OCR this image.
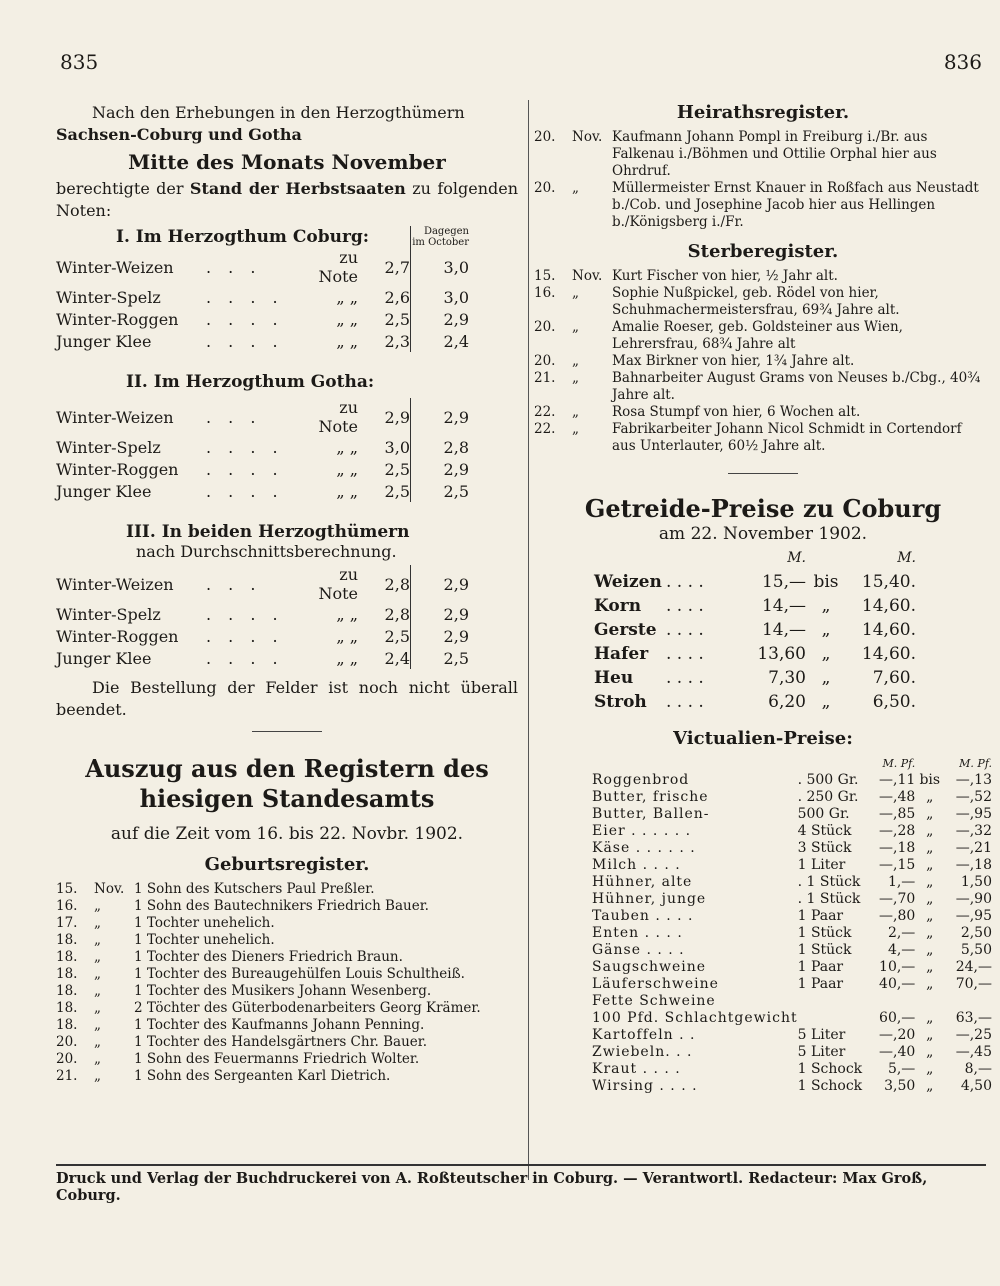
835	836

Nach den Erhebungen in den Herzogthümern

Sachsen-Coburg und Gotha

Mitte des Monats November

berechtigte der Stand der Herbstsaaten zu folgenden Noten:

I. Im Herzogthum Coburg:				Dagegen im October
Winter-Weizen	. . .	zu Note	2,7	3,0
Winter-Spelz	. . . .	„ „	2,6	3,0
Winter-Roggen	. . . .	„ „	2,5	2,9
Junger Klee	. . . .	„ „	2,3	2,4
II. Im Herzogthum Gotha:
Winter-Weizen	. . .	zu Note	2,9	2,9
Winter-Spelz	. . . .	„ „	3,0	2,8
Winter-Roggen	. . . .	„ „	2,5	2,9
Junger Klee	. . . .	„ „	2,5	2,5
III. In beiden Herzogthümern
nach Durchschnittsberechnung.
Winter-Weizen	. . .	zu Note	2,8	2,9
Winter-Spelz	. . . .	„ „	2,8	2,9
Winter-Roggen	. . . .	„ „	2,5	2,9
Junger Klee	. . . .	„ „	2,4	2,5

Die Bestellung der Felder ist noch nicht überall beendet.

Auszug aus den Registern des hiesigen Standesamts

auf die Zeit vom 16. bis 22. Novbr. 1902.

Geburtsregister.
15.	Nov.	1 Sohn des Kutschers Paul Preßler.
16.	„	1 Sohn des Bautechnikers Friedrich Bauer.
17.	„	1 Tochter unehelich.
18.	„	1 Tochter unehelich.
18.	„	1 Tochter des Dieners Friedrich Braun.
18.	„	1 Tochter des Bureaugehülfen Louis Schultheiß.
18.	„	1 Tochter des Musikers Johann Wesenberg.
18.	„	2 Töchter des Güterbodenarbeiters Georg Krämer.
18.	„	1 Tochter des Kaufmanns Johann Penning.
20.	„	1 Tochter des Handelsgärtners Chr. Bauer.
20.	„	1 Sohn des Feuermanns Friedrich Wolter.
21.	„	1 Sohn des Sergeanten Karl Dietrich.
Heirathsregister.
20.	Nov.	Kaufmann Johann Pompl in Freiburg i./Br. aus Falkenau i./Böhmen und Ottilie Orphal hier aus Ohrdruf.
20.	„	Müllermeister Ernst Knauer in Roßfach aus Neustadt b./Cob. und Josephine Jacob hier aus Hellingen b./Königsberg i./Fr.
Sterberegister.
15.	Nov.	Kurt Fischer von hier, ½ Jahr alt.
16.	„	Sophie Nußpickel, geb. Rödel von hier, Schuhmachermeistersfrau, 69¾ Jahre alt.
20.	„	Amalie Roeser, geb. Goldsteiner aus Wien, Lehrersfrau, 68¾ Jahre alt
20.	„	Max Birkner von hier, 1¾ Jahre alt.
21.	„	Bahnarbeiter August Grams von Neuses b./Cbg., 40¾ Jahre alt.
22.	„	Rosa Stumpf von hier, 6 Wochen alt.
22.	„	Fabrikarbeiter Johann Nicol Schmidt in Cortendorf aus Unterlauter, 60½ Jahre alt.
Getreide-Preise zu Coburg

am 22. November 1902.

		M.		M.
Weizen	. . . .	15,—	bis	15,40.
Korn	. . . .	14,—	„	14,60.
Gerste	. . . .	14,—	„	14,60.
Hafer	. . . .	13,60	„	14,60.
Heu	. . . .	7,30	„	7,60.
Stroh	. . . .	6,20	„	6,50.
Victualien-Preise:
		M. Pf.		M. Pf.
Roggenbrod	. 500 Gr.	—,11	bis	—,13
Butter, frische	. 250 Gr.	—,48	„	—,52
Butter, Ballen-	500 Gr.	—,85	„	—,95
Eier . . . . . .	4 Stück	—,28	„	—,32
Käse . . . . . .	3 Stück	—,18	„	—,21
Milch . . . .	1 Liter	—,15	„	—,18
Hühner, alte	. 1 Stück	1,—	„	1,50
Hühner, junge	. 1 Stück	—,70	„	—,90
Tauben . . . .	1 Paar	—,80	„	—,95
Enten . . . .	1 Stück	2,—	„	2,50
Gänse . . . .	1 Stück	4,—	„	5,50
Saugschweine	1 Paar	10,—	„	24,—
Läuferschweine	1 Paar	40,—	„	70,—
Fette Schweine				
100 Pfd. Schlachtgewicht		60,—	„	63,—
Kartoffeln . .	5 Liter	—,20	„	—,25
Zwiebeln. . .	5 Liter	—,40	„	—,45
Kraut . . . .	1 Schock	5,—	„	8,—
Wirsing . . . .	1 Schock	3,50	„	4,50
Druck und Verlag der Buchdruckerei von A. Roßteutscher in Coburg. — Verantwortl. Redacteur: Max Groß, Coburg.
